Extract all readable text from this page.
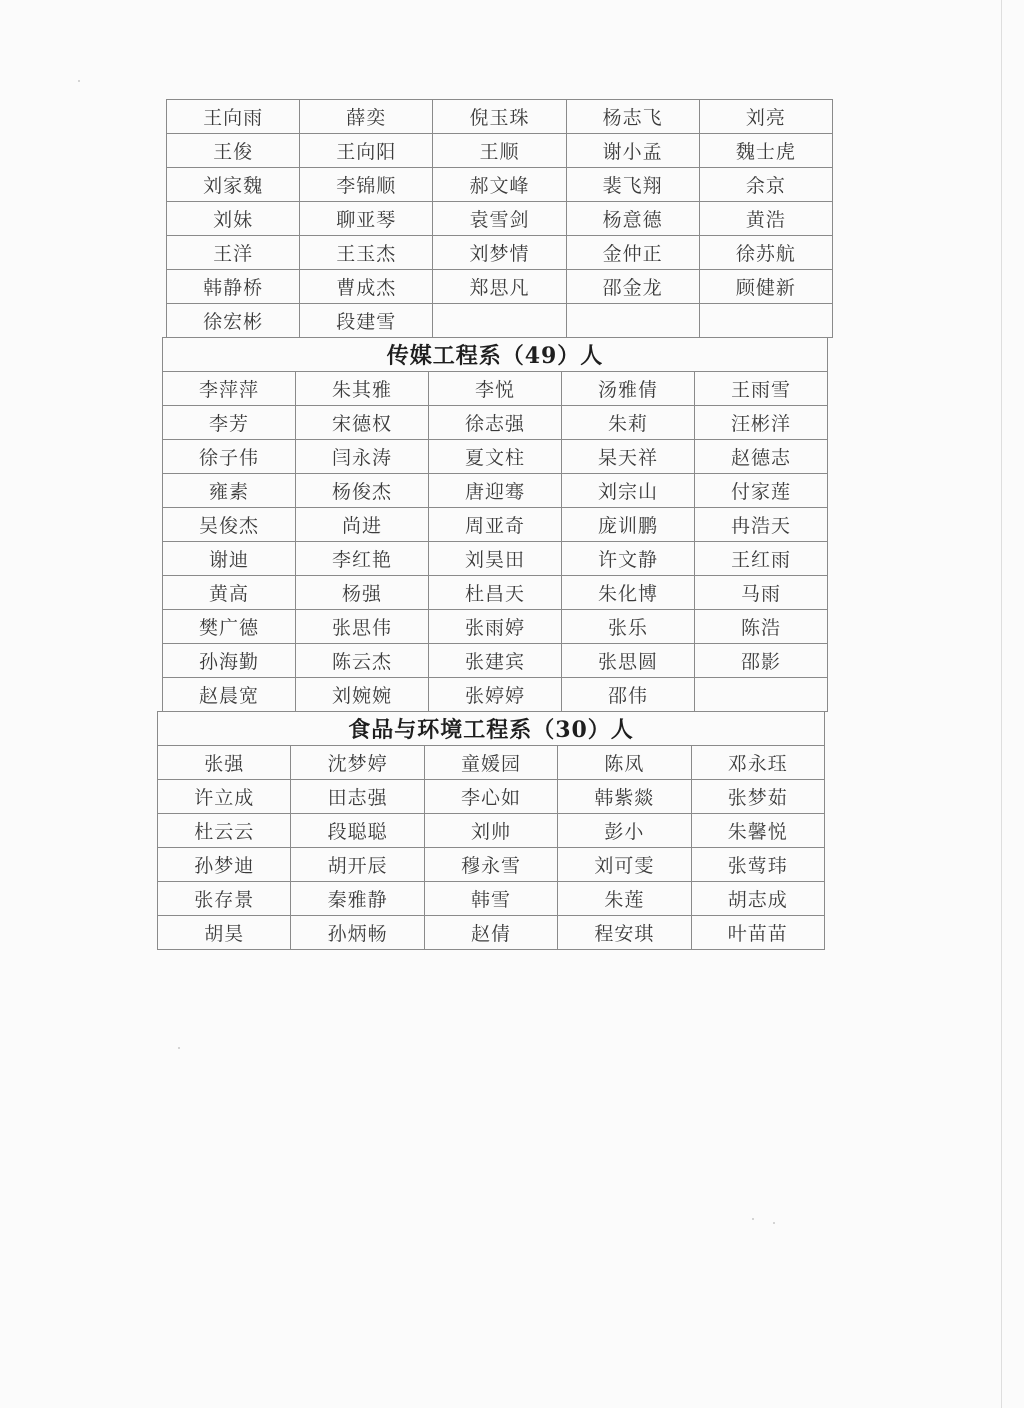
王向雨	薛奕	倪玉珠	杨志飞	刘亮
王俊	王向阳	王顺	谢小孟	魏士虎
刘家魏	李锦顺	郝文峰	裴飞翔	余京
刘妹	聊亚琴	袁雪剑	杨意德	黄浩
王洋	王玉杰	刘梦情	金仲正	徐苏航
韩静桥	曹成杰	郑思凡	邵金龙	顾健新
徐宏彬	段建雪			
传媒工程系（49）人				
李萍萍	朱其雅	李悦	汤雅倩	王雨雪
李芳	宋德权	徐志强	朱莉	汪彬洋
徐子伟	闫永涛	夏文柱	杲天祥	赵德志
雍素	杨俊杰	唐迎骞	刘宗山	付家莲
吴俊杰	尚进	周亚奇	庞训鹏	冉浩天
谢迪	李红艳	刘昊田	许文静	王红雨
黄高	杨强	杜昌天	朱化博	马雨
樊广德	张思伟	张雨婷	张乐	陈浩
孙海勤	陈云杰	张建宾	张思圆	邵影
赵晨宽	刘婉婉	张婷婷	邵伟	
食品与环境工程系（30）人				
张强	沈梦婷	童媛园	陈凤	邓永珏
许立成	田志强	李心如	韩紫燚	张梦茹
杜云云	段聪聪	刘帅	彭小	朱馨悦
孙梦迪	胡开辰	穆永雪	刘可雯	张莺玮
张存景	秦雅静	韩雪	朱莲	胡志成
胡昊	孙炳畅	赵倩	程安琪	叶苗苗
